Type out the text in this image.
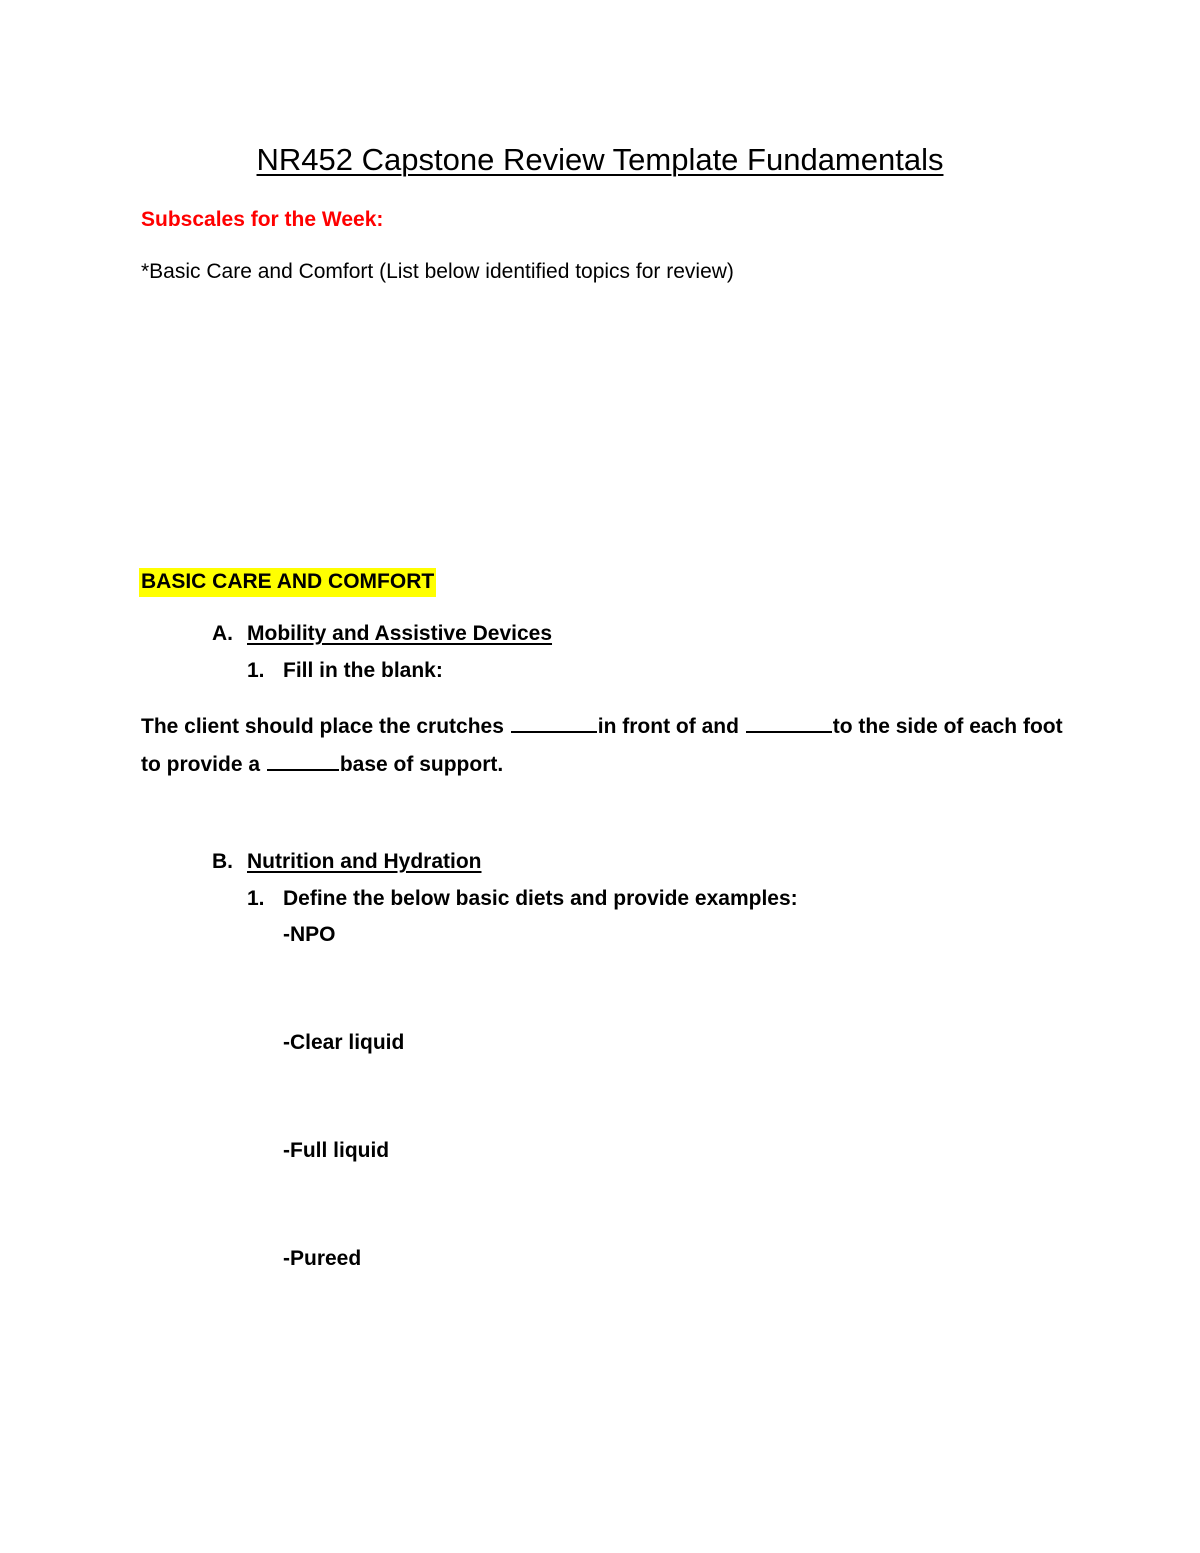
NR452 Capstone Review Template Fundamentals
Subscales for the Week:
*Basic Care and Comfort (List below identified topics for review)
BASIC CARE AND COMFORT
A. Mobility and Assistive Devices
1. Fill in the blank:
The client should place the crutches	in front of and	to the side of each foot to provide a	base of support.
B. Nutrition and Hydration
1. Define the below basic diets and provide examples:
-NPO
-Clear liquid
-Full liquid
-Pureed
